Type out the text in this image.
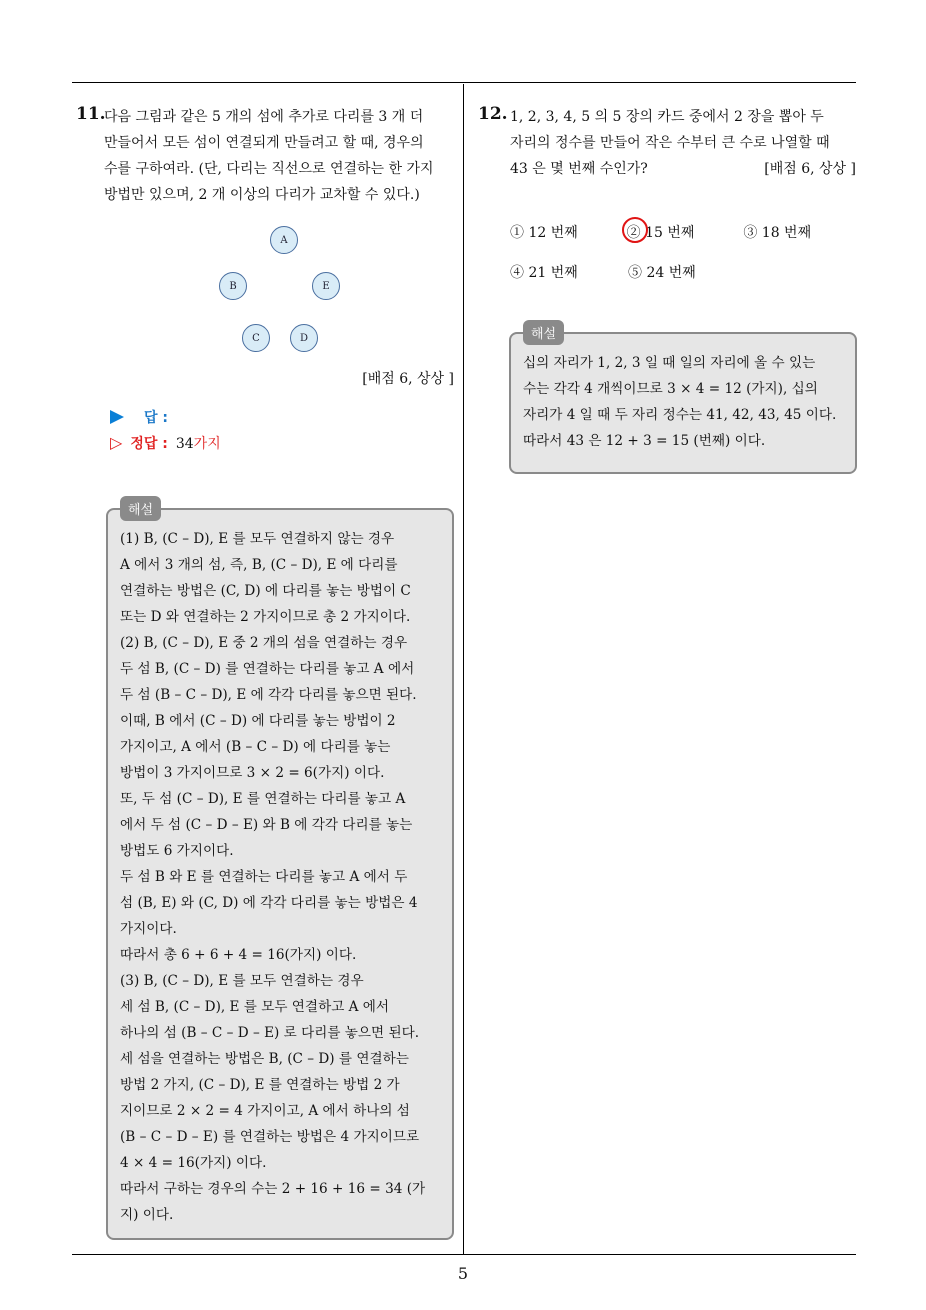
11.
다음 그림과 같은 5 개의 섬에 추가로 다리를 3 개 더
만들어서 모든 섬이 연결되게 만들려고 할 때, 경우의
수를 구하여라. (단, 다리는 직선으로 연결하는 한 가지
방법만 있으며, 2 개 이상의 다리가 교차할 수 있다.)
A
B	E
C	D
[배점 6, 상상 ]
답 :
▷ 정답 : 34가지
해설

(1) B, (C – D), E 를 모두 연결하지 않는 경우

A 에서 3 개의 섬, 즉, B, (C – D), E 에 다리를

연결하는 방법은 (C, D) 에 다리를 놓는 방법이 C

또는 D 와 연결하는 2 가지이므로 총 2 가지이다.

(2) B, (C – D), E 중 2 개의 섬을 연결하는 경우

두 섬 B, (C – D) 를 연결하는 다리를 놓고 A 에서

두 섬 (B – C – D), E 에 각각 다리를 놓으면 된다.

이때, B 에서 (C – D) 에 다리를 놓는 방법이 2

가지이고, A 에서 (B – C – D) 에 다리를 놓는

방법이 3 가지이므로 3 × 2 = 6(가지) 이다.

또, 두 섬 (C – D), E 를 연결하는 다리를 놓고 A

에서 두 섬 (C – D – E) 와 B 에 각각 다리를 놓는

방법도 6 가지이다.

두 섬 B 와 E 를 연결하는 다리를 놓고 A 에서 두

섬 (B, E) 와 (C, D) 에 각각 다리를 놓는 방법은 4

가지이다.

따라서 총 6 + 6 + 4 = 16(가지) 이다.

(3) B, (C – D), E 를 모두 연결하는 경우

세 섬 B, (C – D), E 를 모두 연결하고 A 에서

하나의 섬 (B – C – D – E) 로 다리를 놓으면 된다.

세 섬을 연결하는 방법은 B, (C – D) 를 연결하는

방법 2 가지, (C – D), E 를 연결하는 방법 2 가

지이므로 2 × 2 = 4 가지이고, A 에서 하나의 섬

(B – C – D – E) 를 연결하는 방법은 4 가지이므로

4 × 4 = 16(가지) 이다.

따라서 구하는 경우의 수는 2 + 16 + 16 = 34 (가

지) 이다.

12. 1, 2, 3, 4, 5 의 5 장의 카드 중에서 2 장을 뽑아 두
자리의 정수를 만들어 작은 수부터 큰 수로 나열할 때
43 은 몇 번째 수인가?	[배점 6, 상상 ]
① 12 번째	② 15 번째	③ 18 번째
④ 21 번째	⑤ 24 번째
해설

십의 자리가 1, 2, 3 일 때 일의 자리에 올 수 있는

수는 각각 4 개씩이므로 3 × 4 = 12 (가지), 십의

자리가 4 일 때 두 자리 정수는 41, 42, 43, 45 이다.

따라서 43 은 12 + 3 = 15 (번째) 이다.

5
